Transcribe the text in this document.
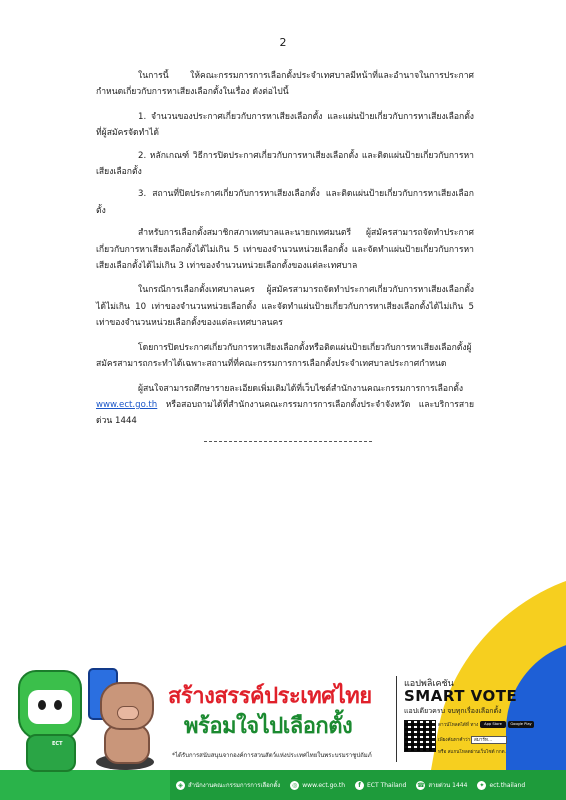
2

ในการนี้ ให้คณะกรรมการการเลือกตั้งประจำเทศบาลมีหน้าที่และอำนาจในการประกาศกำหนดเกี่ยวกับการหาเสียงเลือกตั้งในเรื่อง ดังต่อไปนี้

1. จำนวนของประกาศเกี่ยวกับการหาเสียงเลือกตั้ง และแผ่นป้ายเกี่ยวกับการหาเสียงเลือกตั้งที่ผู้สมัครจัดทำได้

2. หลักเกณฑ์ วิธีการปิดประกาศเกี่ยวกับการหาเสียงเลือกตั้ง และติดแผ่นป้ายเกี่ยวกับการหาเสียงเลือกตั้ง

3. สถานที่ปิดประกาศเกี่ยวกับการหาเสียงเลือกตั้ง และติดแผ่นป้ายเกี่ยวกับการหาเสียงเลือกตั้ง

สำหรับการเลือกตั้งสมาชิกสภาเทศบาลและนายกเทศมนตรี ผู้สมัครสามารถจัดทำประกาศเกี่ยวกับการหาเสียงเลือกตั้งได้ไม่เกิน 5 เท่าของจำนวนหน่วยเลือกตั้ง และจัดทำแผ่นป้ายเกี่ยวกับการหาเสียงเลือกตั้งได้ไม่เกิน 3 เท่าของจำนวนหน่วยเลือกตั้งของแต่ละเทศบาล

ในกรณีการเลือกตั้งเทศบาลนคร ผู้สมัครสามารถจัดทำประกาศเกี่ยวกับการหาเสียงเลือกตั้งได้ไม่เกิน 10 เท่าของจำนวนหน่วยเลือกตั้ง และจัดทำแผ่นป้ายเกี่ยวกับการหาเสียงเลือกตั้งได้ไม่เกิน 5 เท่าของจำนวนหน่วยเลือกตั้งของแต่ละเทศบาลนคร

โดยการปิดประกาศเกี่ยวกับการหาเสียงเลือกตั้งหรือติดแผ่นป้ายเกี่ยวกับการหาเสียงเลือกตั้งผู้สมัครสามารถกระทำได้เฉพาะสถานที่ที่คณะกรรมการการเลือกตั้งประจำเทศบาลประกาศกำหนด

ผู้สนใจสามารถศึกษารายละเอียดเพิ่มเติมได้ที่เว็บไซต์สำนักงานคณะกรรมการการเลือกตั้ง www.ect.go.th หรือสอบถามได้ที่สำนักงานคณะกรรมการการเลือกตั้งประจำจังหวัด และบริการสายด่วน 1444

ECT
สร้างสรรค์ประเทศไทย
พร้อมใจไปเลือกตั้ง
*ได้รับการสนับสนุนจากองค์การสวนสัตว์แห่งประเทศไทยในพระบรมราชูปถัมภ์
แอปพลิเคชัน
SMART VOTE
แอปเดียวครบ จบทุกเรื่องเลือกตั้ง
ดาวน์โหลดได้ที่ ทาง	App Store	Google Play
เพียงค้นหาคำว่า สมาร์ท...
หรือ สแกนโหลดผ่านเว็บไซต์ กกต.
◈ สำนักงานคณะกรรมการการเลือกตั้ง	◎ www.ect.go.th	f	ECT Thailand ☎ สายด่วน 1444	✦ ect.thailand
